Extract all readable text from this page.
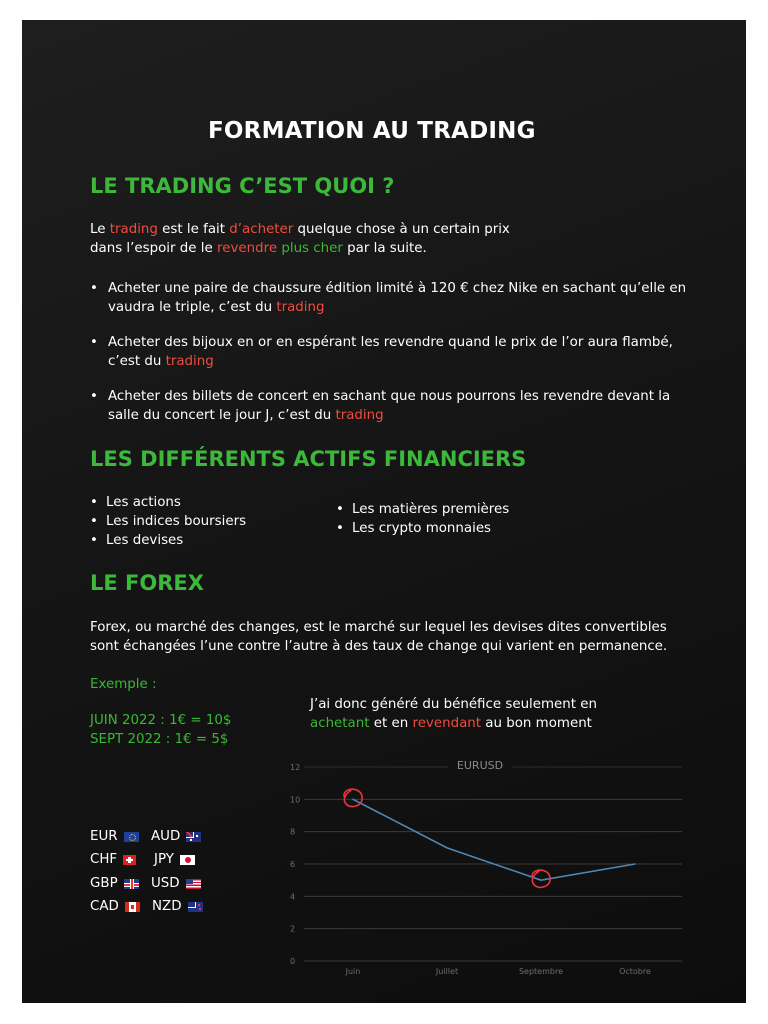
FORMATION AU TRADING
LE TRADING C’EST QUOI ?
Le trading est le fait d’acheter quelque chose à un certain prix
dans l’espoir de le revendre plus cher par la suite.
• Acheter une paire de chaussure édition limité à 120 € chez Nike en sachant qu’elle en vaudra le triple, c’est du trading
• Acheter des bijoux en or en espérant les revendre quand le prix de l’or aura flambé, c’est du trading
• Acheter des billets de concert en sachant que nous pourrons les revendre devant la salle du concert le jour J, c’est du trading
LES DIFFÉRENTS ACTIFS FINANCIERS
• Les actions
• Les indices boursiers
• Les devises
• Les matières premières
• Les crypto monnaies
LE FOREX
Forex, ou marché des changes, est le marché sur lequel les devises dites convertibles
sont échangées l’une contre l’autre à des taux de change qui varient en permanence.
Exemple :
JUIN 2022 : 1€ = 10$
SEPT 2022 : 1€ = 5$
J’ai donc généré du bénéfice seulement en
achetant et en revendant au bon moment
EUR AUD
CHF	JPY
GBP USD
CAD NZD
EURUSD
0
2
4
6
8
10
12
Juin	Juillet	Septembre	Octobre
